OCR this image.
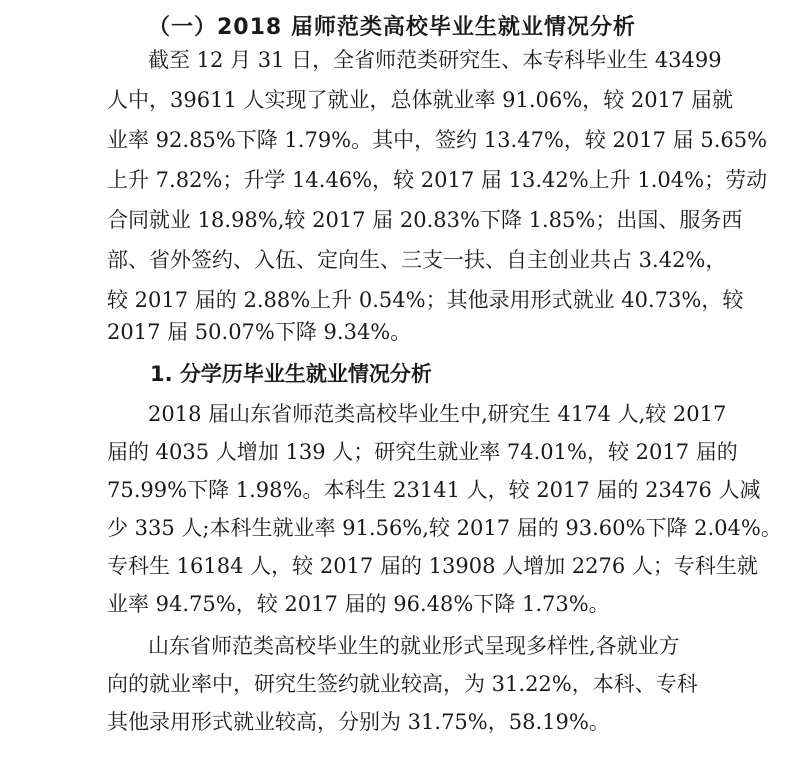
（一）2018 届师范类高校毕业生就业情况分析

截至 12 月 31 日，全省师范类研究生、本专科毕业生 43499

人中，39611 人实现了就业，总体就业率 91.06%，较 2017 届就

业率 92.85%下降 1.79%。其中，签约 13.47%，较 2017 届 5.65%

上升 7.82%；升学 14.46%，较 2017 届 13.42%上升 1.04%；劳动

合同就业 18.98%,较 2017 届 20.83%下降 1.85%；出国、服务西

部、省外签约、入伍、定向生、三支一扶、自主创业共占 3.42%，

较 2017 届的 2.88%上升 0.54%；其他录用形式就业 40.73%，较

2017 届 50.07%下降 9.34%。

1. 分学历毕业生就业情况分析

2018 届山东省师范类高校毕业生中,研究生 4174 人,较 2017

届的 4035 人增加 139 人；研究生就业率 74.01%，较 2017 届的

75.99%下降 1.98%。本科生 23141 人，较 2017 届的 23476 人减

少 335 人;本科生就业率 91.56%,较 2017 届的 93.60%下降 2.04%。

专科生 16184 人，较 2017 届的 13908 人增加 2276 人；专科生就

业率 94.75%，较 2017 届的 96.48%下降 1.73%。

山东省师范类高校毕业生的就业形式呈现多样性,各就业方

向的就业率中，研究生签约就业较高，为 31.22%，本科、专科

其他录用形式就业较高，分别为 31.75%，58.19%。
